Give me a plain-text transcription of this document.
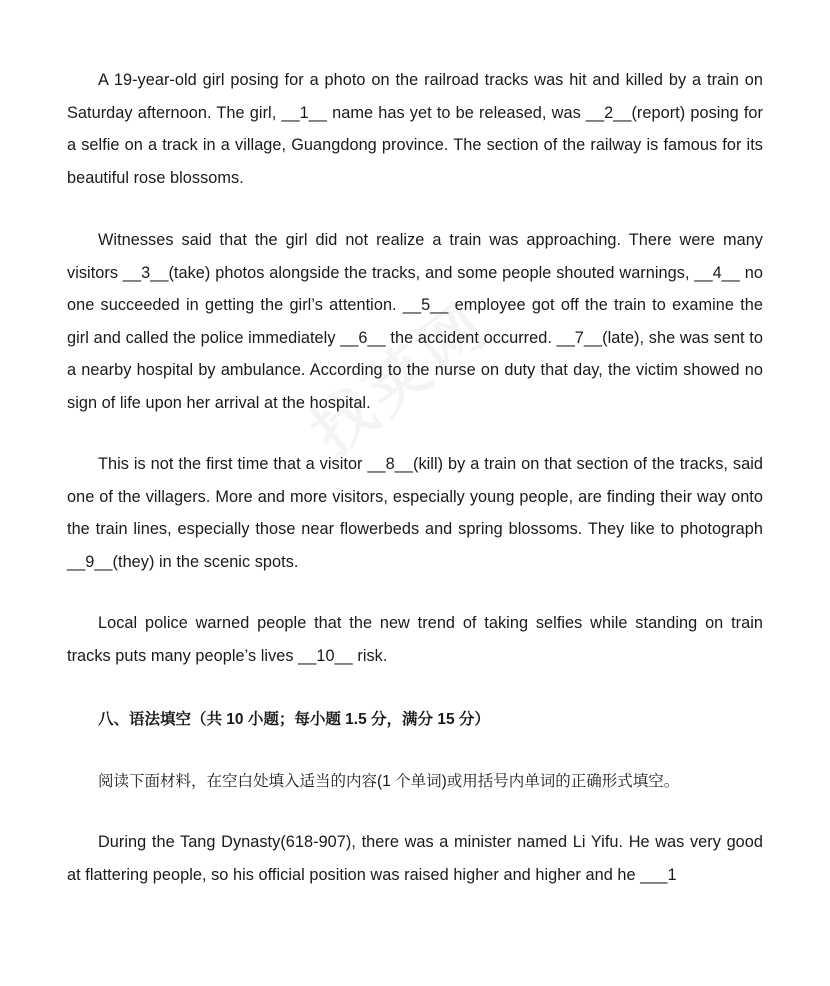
A 19-year-old girl posing for a photo on the railroad tracks was hit and killed by a train on Saturday afternoon. The girl, __1__ name has yet to be released, was __2__(report) posing for a selfie on a track in a village, Guangdong province. The section of the railway is famous for its beautiful rose blossoms.

Witnesses said that the girl did not realize a train was approaching. There were many visitors __3__(take) photos alongside the tracks, and some people shouted warnings, __4__ no one succeeded in getting the girl’s attention. __5__ employee got off the train to examine the girl and called the police immediately __6__ the accident occurred. __7__(late), she was sent to a nearby hospital by ambulance. According to the nurse on duty that day, the victim showed no sign of life upon her arrival at the hospital.

This is not the first time that a visitor __8__(kill) by a train on that section of the tracks, said one of the villagers. More and more visitors, especially young people, are finding their way onto the train lines, especially those near flowerbeds and spring blossoms. They like to photograph __9__(they) in the scenic spots.

Local police warned people that the new trend of taking selfies while standing on train tracks puts many people’s lives __10__ risk.

八、语法填空（共 10 小题；每小题 1.5 分，满分 15 分）

阅读下面材料，在空白处填入适当的内容(1 个单词)或用括号内单词的正确形式填空。

During the Tang Dynasty(618-907), there was a minister named Li Yifu. He was very good at flattering people, so his official position was raised higher and higher and he ___1
